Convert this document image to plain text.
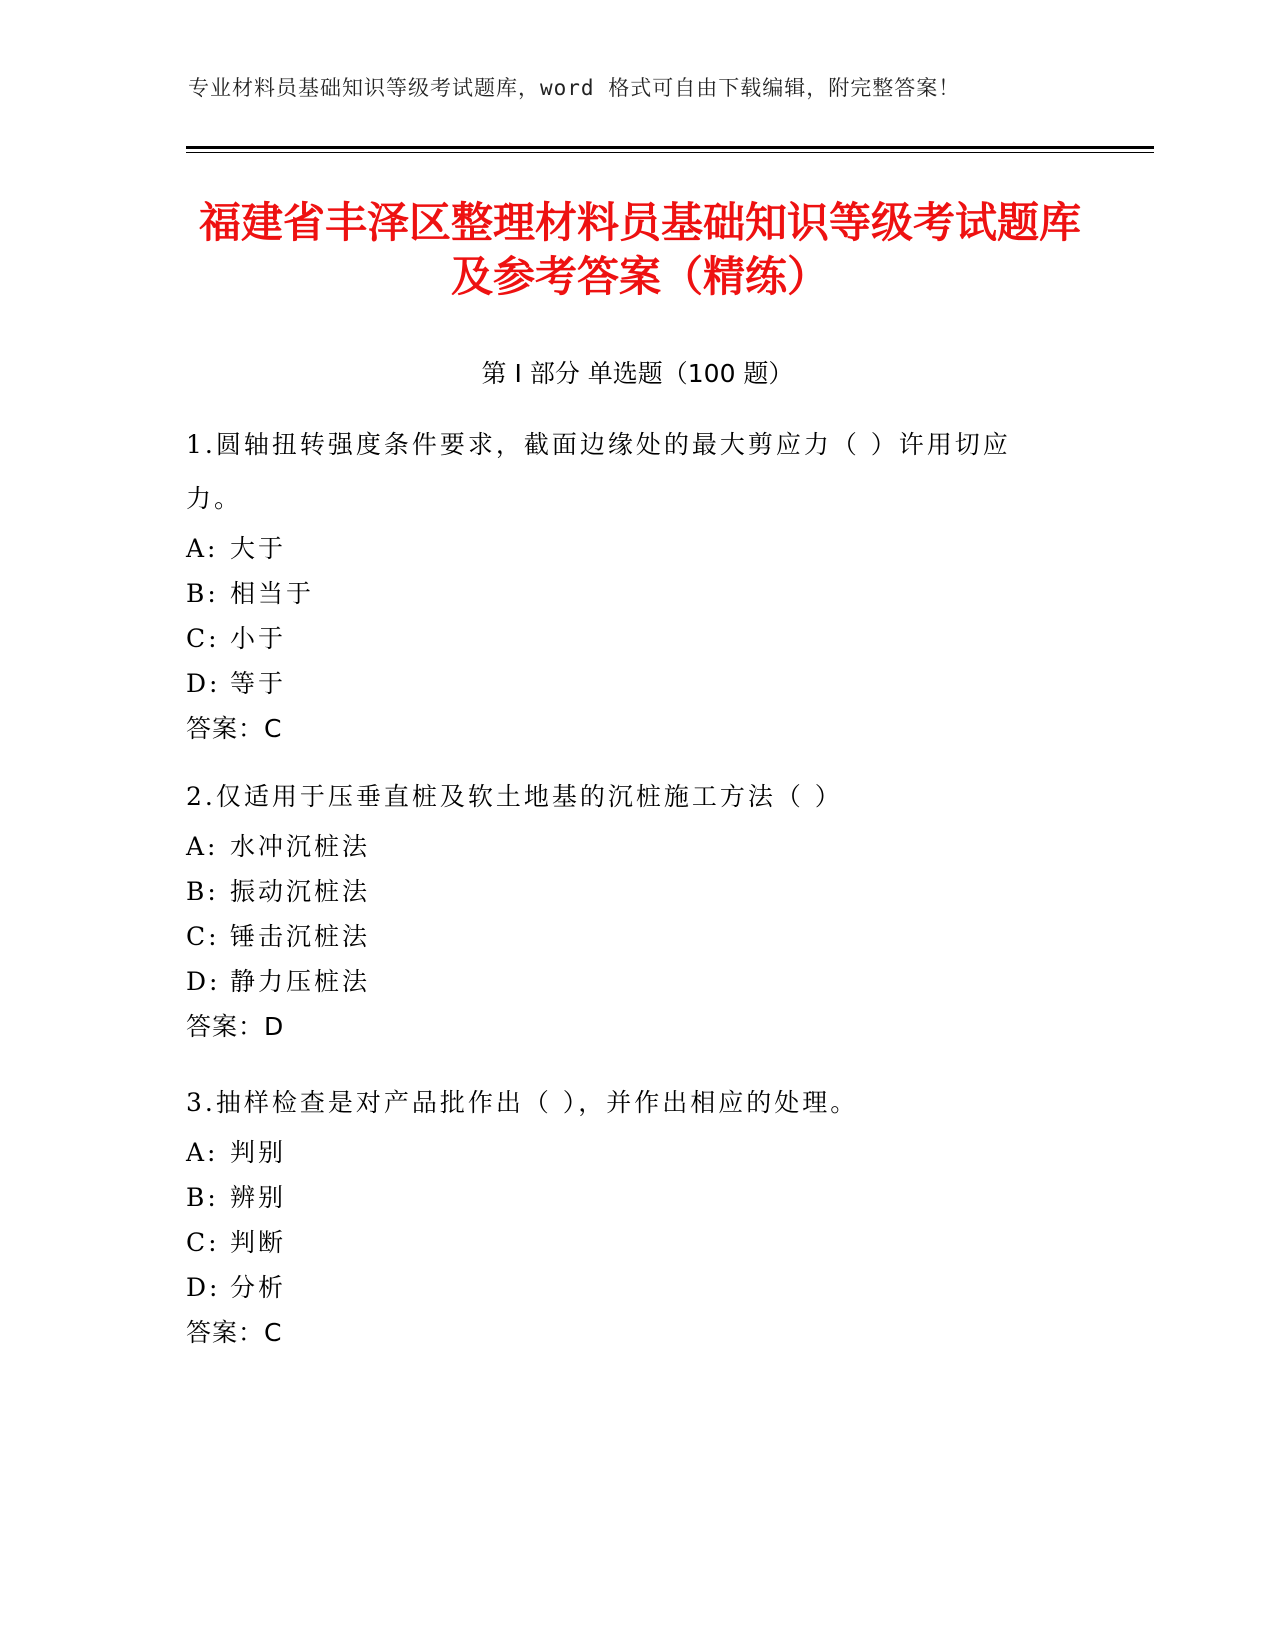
专业材料员基础知识等级考试题库，word 格式可自由下载编辑，附完整答案！
福建省丰泽区整理材料员基础知识等级考试题库及参考答案（精练）
第 I 部分 单选题（100 题）
1.圆轴扭转强度条件要求，截面边缘处的最大剪应力（ ）许用切应力。
A: 大于
B: 相当于
C: 小于
D: 等于
答案：C
2.仅适用于压垂直桩及软土地基的沉桩施工方法（ ）
A: 水冲沉桩法
B: 振动沉桩法
C: 锤击沉桩法
D: 静力压桩法
答案：D
3.抽样检查是对产品批作出（ ），并作出相应的处理。
A: 判别
B: 辨别
C: 判断
D: 分析
答案：C
